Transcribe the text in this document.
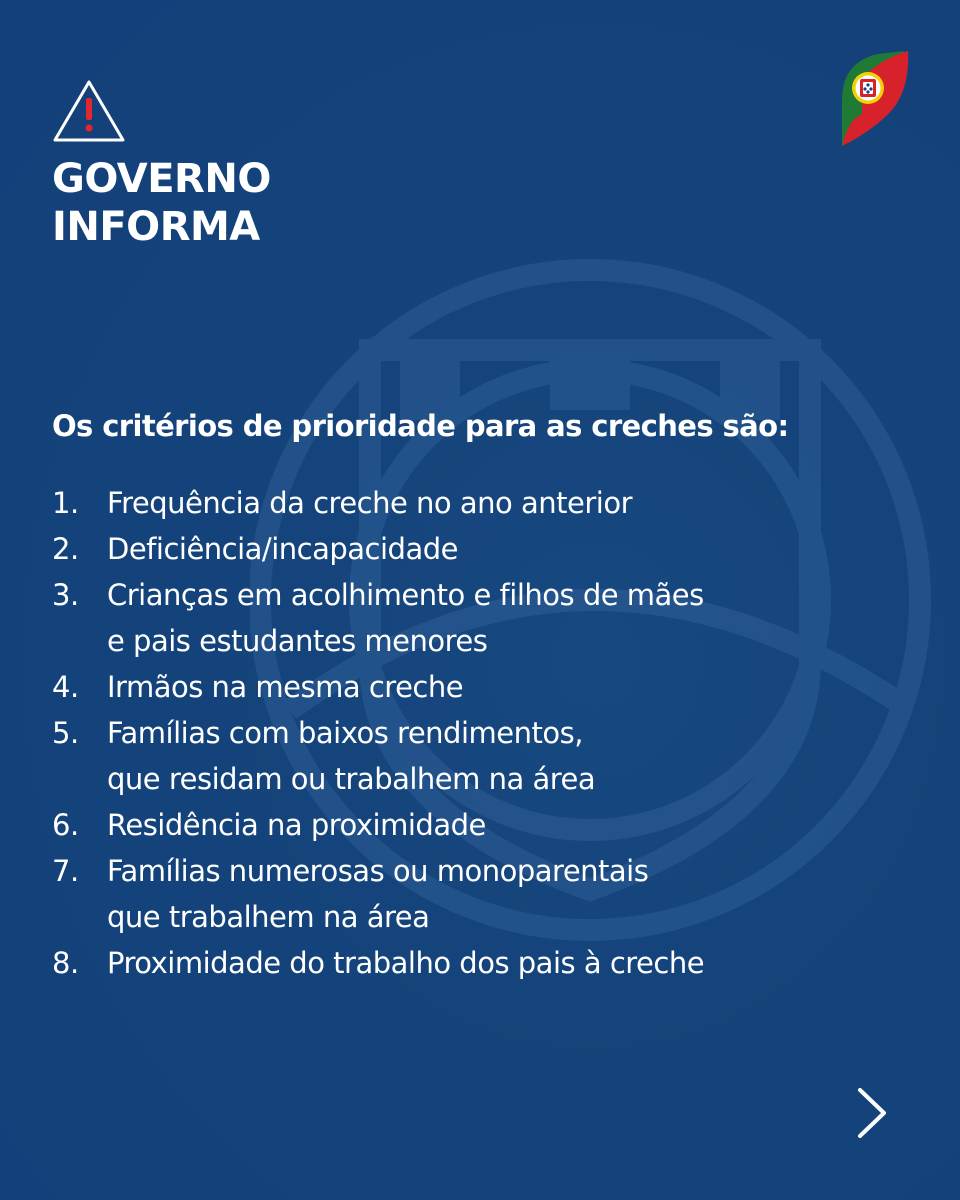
GOVERNO
INFORMA
Os critérios de prioridade para as creches são:
1. Frequência da creche no ano anterior
2. Deficiência/incapacidade
3. Crianças em acolhimento e filhos de mães
e pais estudantes menores
4. Irmãos na mesma creche
5. Famílias com baixos rendimentos,
que residam ou trabalhem na área
6. Residência na proximidade
7. Famílias numerosas ou monoparentais
que trabalhem na área
8. Proximidade do trabalho dos pais à creche
